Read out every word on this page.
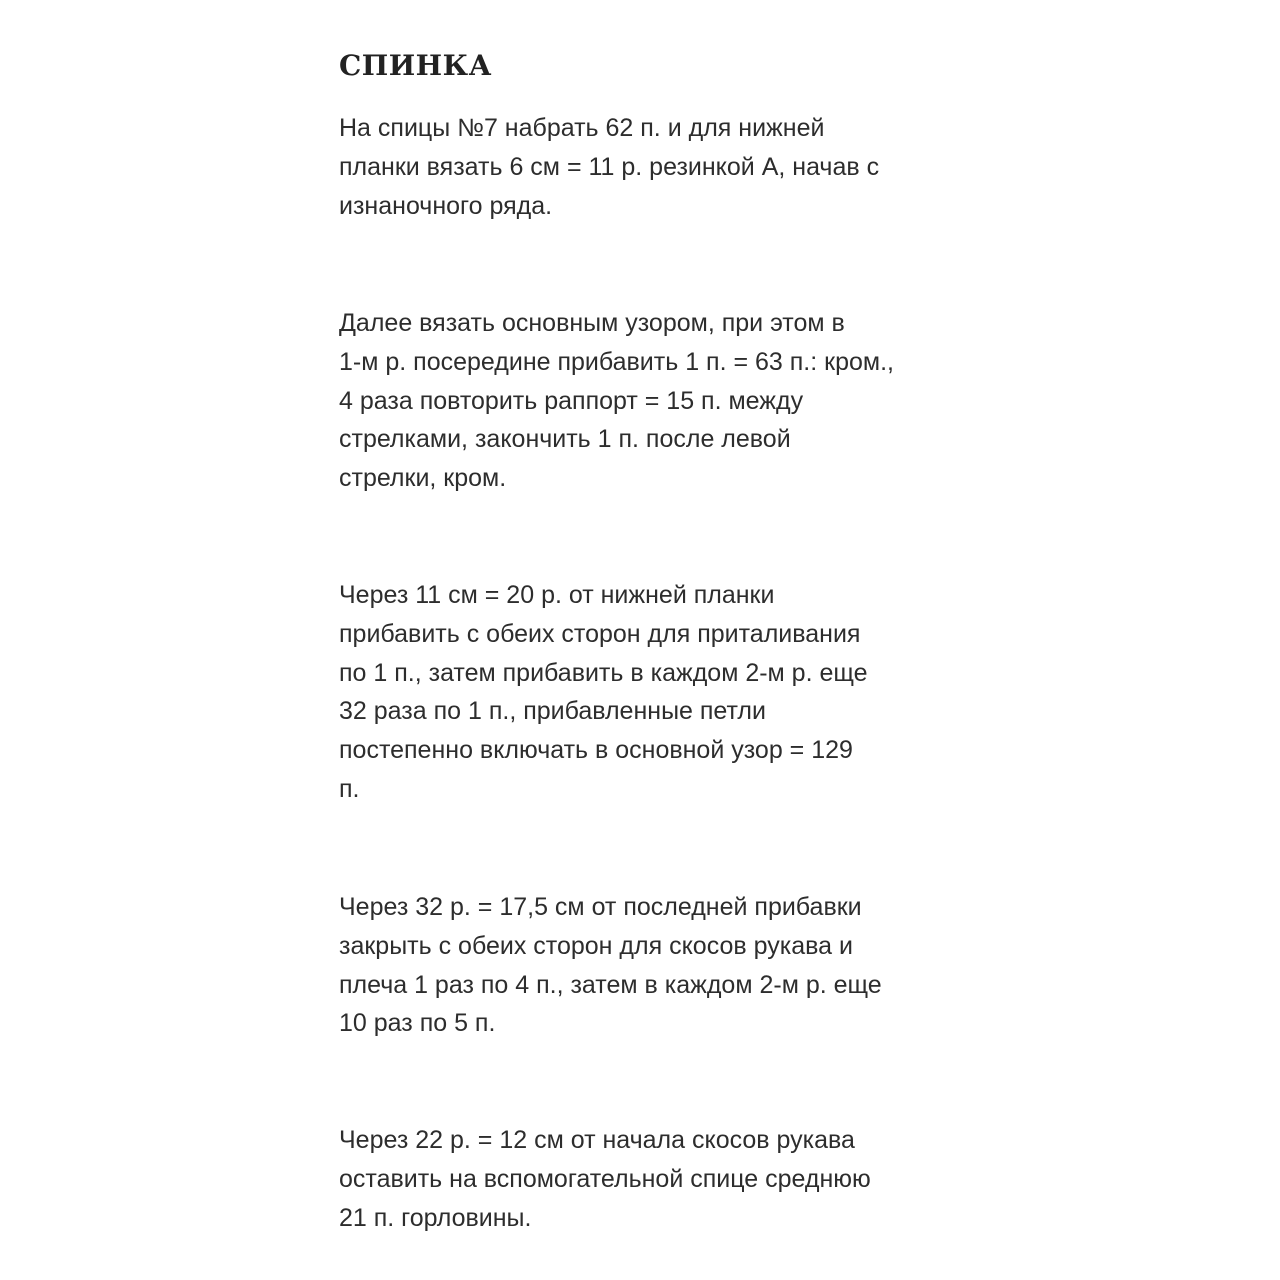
СПИНКА

На спицы №7 набрать 62 п. и для нижней
планки вязать 6 см = 11 р. резинкой A, начав с
изнаночного ряда.

Далее вязать основным узором, при этом в
1-м р. посередине прибавить 1 п. = 63 п.: кром.,
4 раза повторить раппорт = 15 п. между
стрелками, закончить 1 п. после левой
стрелки, кром.

Через 11 см = 20 р. от нижней планки
прибавить с обеих сторон для приталивания
по 1 п., затем прибавить в каждом 2-м р. еще
32 раза по 1 п., прибавленные петли
постепенно включать в основной узор = 129
п.

Через 32 р. = 17,5 см от последней прибавки
закрыть с обеих сторон для скосов рукава и
плеча 1 раз по 4 п., затем в каждом 2-м р. еще
10 раз по 5 п.

Через 22 р. = 12 см от начала скосов рукава
оставить на вспомогательной спице среднюю
21 п. горловины.
